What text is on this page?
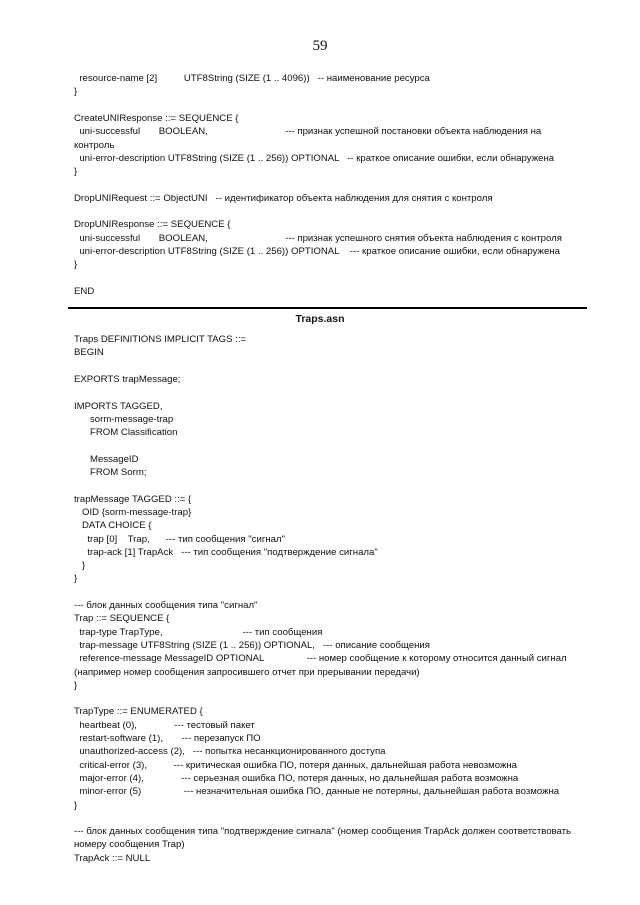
59
resource-name [2]          UTF8String (SIZE (1 .. 4096))   -- наименование ресурса
}
CreateUNIResponse ::= SEQUENCE {
uni-successful       BOOLEAN,                             --- признак успешной постановки объекта наблюдения на
контроль
uni-error-description UTF8String (SIZE (1 .. 256)) OPTIONAL   -- краткое описание ошибки, если обнаружена
}
DropUNIRequest ::= ObjectUNI   -- идентификатор объекта наблюдения для снятия с контроля
DropUNIResponse ::= SEQUENCE {
uni-successful       BOOLEAN,                             --- признак успешного снятия объекта наблюдения с контроля
uni-error-description UTF8String (SIZE (1 .. 256)) OPTIONAL    --- краткое описание ошибки, если обнаружена
}
END
Traps.asn
Traps DEFINITIONS IMPLICIT TAGS ::=
BEGIN
EXPORTS trapMessage;
IMPORTS TAGGED,
sorm-message-trap
FROM Classification
MessageID
FROM Sorm;
trapMessage TAGGED ::= {
OID {sorm-message-trap}
DATA CHOICE {
trap [0]    Trap,      --- тип сообщения "сигнал"
trap-ack [1] TrapAck   --- тип сообщения "подтверждение сигнала"
}
}
--- блок данных сообщения типа "сигнал"
Trap ::= SEQUENCE {
trap-type TrapType,                              --- тип сообщения
trap-message UTF8String (SIZE (1 .. 256)) OPTIONAL,   --- описание сообщения
reference-message MessageID OPTIONAL                --- номер сообщение к которому относится данный сигнал
(например номер сообщения запросившего отчет при прерывании передачи)
}
TrapType ::= ENUMERATED {
heartbeat (0),              --- тестовый пакет
restart-software (1),       --- перезапуск ПО
unauthorized-access (2),   --- попытка несанкционированного доступа
critical-error (3),          --- критическая ошибка ПО, потеря данных, дальнейшая работа невозможна
major-error (4),              --- серьезная ошибка ПО, потеря данных, но дальнейшая работа возможна
minor-error (5)                --- незначительная ошибка ПО, данные не потеряны, дальнейшая работа возможна
}
--- блок данных сообщения типа "подтверждение сигнала" (номер сообщения TrapAck должен соответствовать
номеру сообщения Trap)
TrapAck ::= NULL
